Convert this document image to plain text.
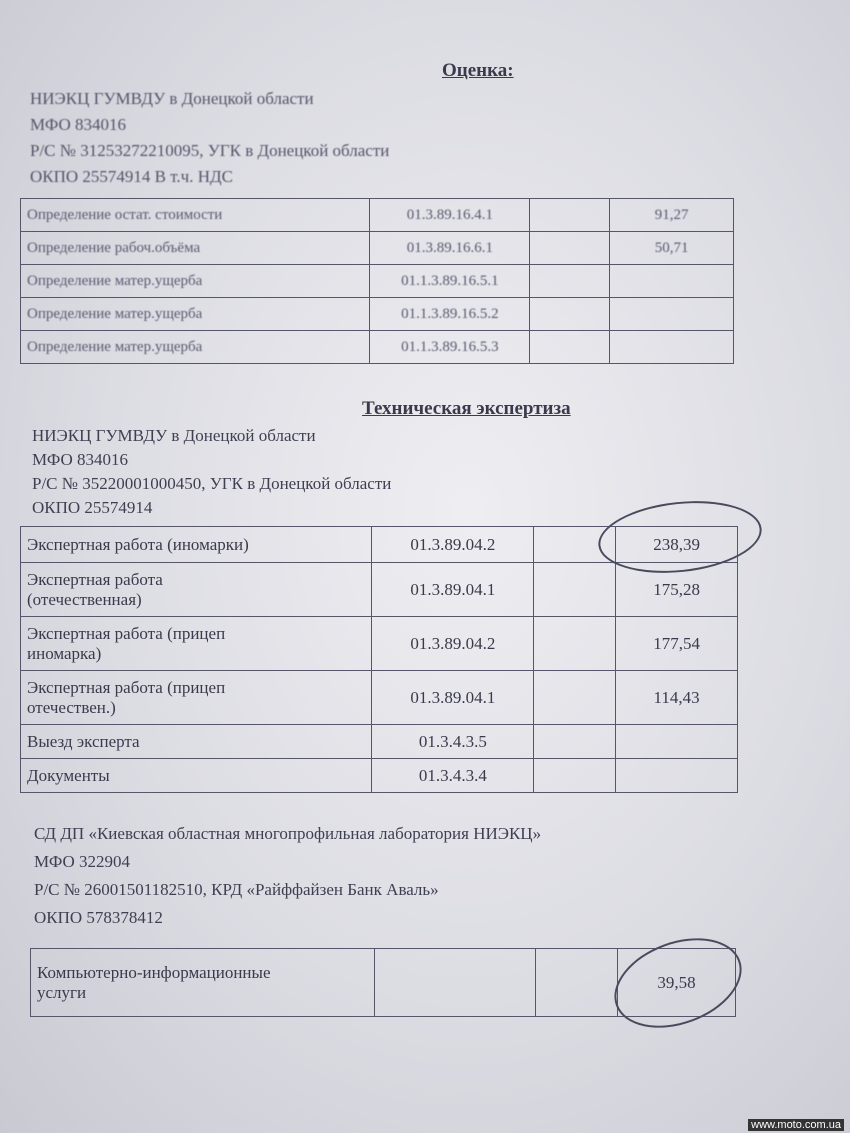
Оценка:
НИЭКЦ ГУМВДУ в Донецкой области
МФО 834016
Р/С № 31253272210095, УГК в Донецкой области
ОКПО 25574914 В т.ч. НДС
Определение остат. стоимости	01.3.89.16.4.1		91,27
Определение рабоч.объёма	01.3.89.16.6.1		50,71
Определение матер.ущерба	01.1.3.89.16.5.1		
Определение матер.ущерба	01.1.3.89.16.5.2		
Определение матер.ущерба	01.1.3.89.16.5.3		
Техническая экспертиза
НИЭКЦ ГУМВДУ в Донецкой области
МФО 834016
Р/С № 35220001000450, УГК в Донецкой области
ОКПО 25574914
Экспертная работа (иномарки)	01.3.89.04.2		238,39

Экспертная работа
(отечественная)	01.3.89.04.1		175,28

Экспертная работа (прицеп
иномарка)	01.3.89.04.2		177,54

Экспертная работа (прицеп
отечествен.)	01.3.89.04.1		114,43
Выезд эксперта	01.3.4.3.5		
Документы	01.3.4.3.4		
СД ДП «Киевская областная многопрофильная лаборатория НИЭКЦ»
МФО 322904
Р/С № 26001501182510, КРД «Райффайзен Банк Аваль»
ОКПО 578378412
Компьютерно-информационные
услуги
			39,58
www.moto.com.ua
